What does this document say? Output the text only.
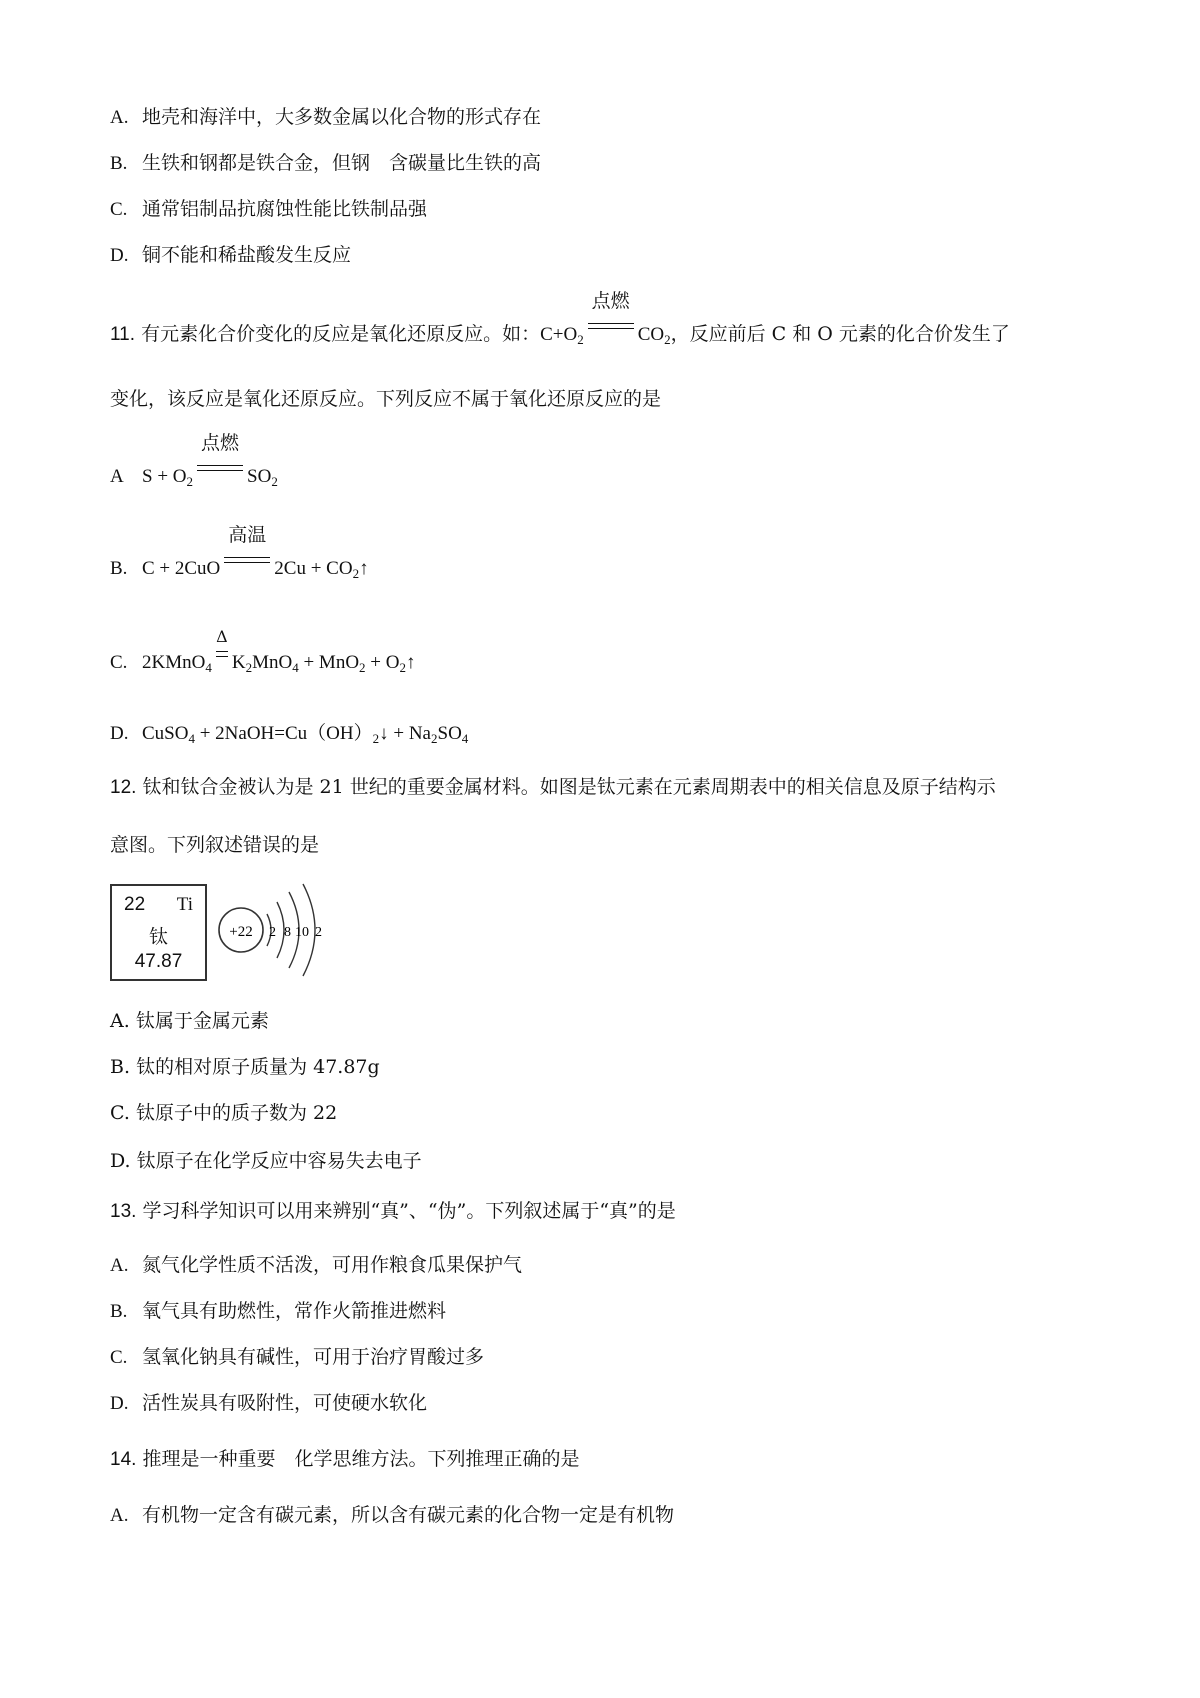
A. 地壳和海洋中，大多数金属以化合物的形式存在
B. 生铁和钢都是铁合金，但钢　含碳量比生铁的高
C. 通常铝制品抗腐蚀性能比铁制品强
D. 铜不能和稀盐酸发生反应
11. 有元素化合价变化的反应是氧化还原反应。如：$C+O_2$
点燃
$CO_2$，反应前后 C 和 O 元素的化合价发生了
变化，该反应是氧化还原反应。下列反应不属于氧化还原反应的是
A $S + O_2$
点燃
$SO_2$
B. C + 2CuO
高温
$2Cu + CO_2↑$
C. 2KMnO$_4$
Δ
$K_2MnO_4 + MnO_2$ + $O_2↑$
D. CuSO$_4$ + $2NaOH=Cu(OH)_2↓ + Na_2SO_4$
12. 钛和钛合金被认为是 21 世纪的重要金属材料。如图是钛元素在元素周期表中的相关信息及原子结构示
意图。下列叙述错误的是
22 Ti
钛
47.87
+22 2 8 10 2
A. 钛属于金属元素
B. 钛的相对原子质量为 47.87g
C. 钛原子中的质子数为 22
D. 钛原子在化学反应中容易失去电子
13. 学习科学知识可以用来辨别“真”、“伪”。下列叙述属于“真”的是
A. 氮气化学性质不活泼，可用作粮食瓜果保护气
B. 氧气具有助燃性，常作火箭推进燃料
C. 氢氧化钠具有碱性，可用于治疗胃酸过多
D. 活性炭具有吸附性，可使硬水软化
14. 推理是一种重要　化学思维方法。下列推理正确的是
A. 有机物一定含有碳元素，所以含有碳元素的化合物一定是有机物
